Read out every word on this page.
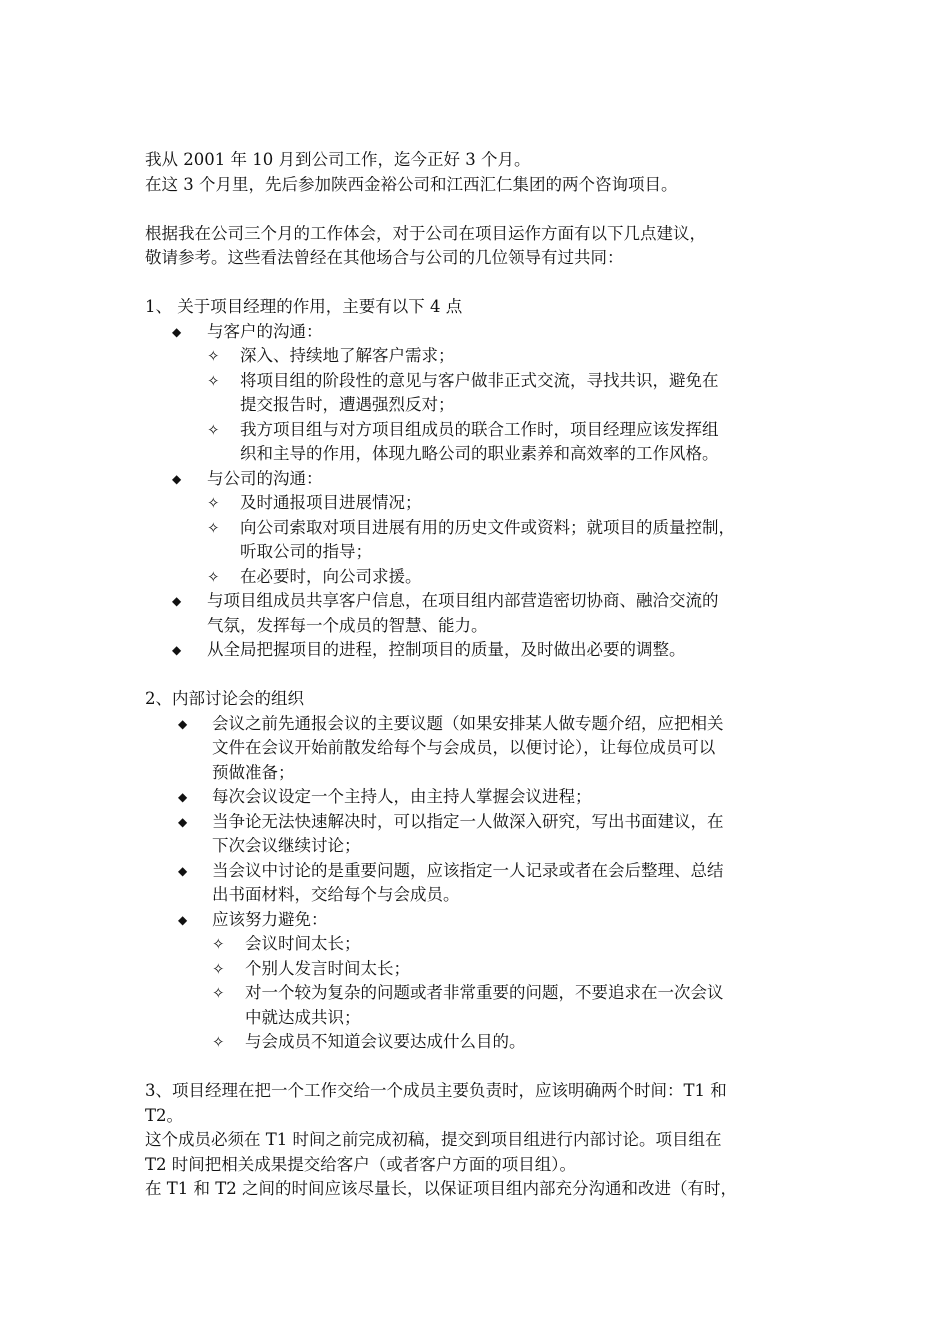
我从 2001 年 10 月到公司工作，迄今正好 3 个月。
在这 3 个月里，先后参加陕西金裕公司和江西汇仁集团的两个咨询项目。
根据我在公司三个月的工作体会，对于公司在项目运作方面有以下几点建议，
敬请参考。这些看法曾经在其他场合与公司的几位领导有过共同：
1、 关于项目经理的作用，主要有以下 4 点
◆ 与客户的沟通：
✧ 深入、持续地了解客户需求；
✧ 将项目组的阶段性的意见与客户做非正式交流，寻找共识，避免在
提交报告时，遭遇强烈反对；
✧ 我方项目组与对方项目组成员的联合工作时，项目经理应该发挥组
织和主导的作用，体现九略公司的职业素养和高效率的工作风格。
◆ 与公司的沟通：
✧ 及时通报项目进展情况；
✧ 向公司索取对项目进展有用的历史文件或资料；就项目的质量控制，
听取公司的指导；
✧ 在必要时，向公司求援。
◆ 与项目组成员共享客户信息，在项目组内部营造密切协商、融洽交流的
气氛，发挥每一个成员的智慧、能力。
◆ 从全局把握项目的进程，控制项目的质量，及时做出必要的调整。
2、内部讨论会的组织
◆ 会议之前先通报会议的主要议题（如果安排某人做专题介绍，应把相关
文件在会议开始前散发给每个与会成员，以便讨论），让每位成员可以
预做准备；
◆ 每次会议设定一个主持人，由主持人掌握会议进程；
◆ 当争论无法快速解决时，可以指定一人做深入研究，写出书面建议，在
下次会议继续讨论；
◆ 当会议中讨论的是重要问题，应该指定一人记录或者在会后整理、总结
出书面材料，交给每个与会成员。
◆ 应该努力避免：
✧ 会议时间太长；
✧ 个别人发言时间太长；
✧ 对一个较为复杂的问题或者非常重要的问题，不要追求在一次会议
中就达成共识；
✧ 与会成员不知道会议要达成什么目的。
3、项目经理在把一个工作交给一个成员主要负责时，应该明确两个时间：T1 和
T2。
这个成员必须在 T1 时间之前完成初稿，提交到项目组进行内部讨论。项目组在
T2 时间把相关成果提交给客户（或者客户方面的项目组）。
在 T1 和 T2 之间的时间应该尽量长，以保证项目组内部充分沟通和改进（有时，
